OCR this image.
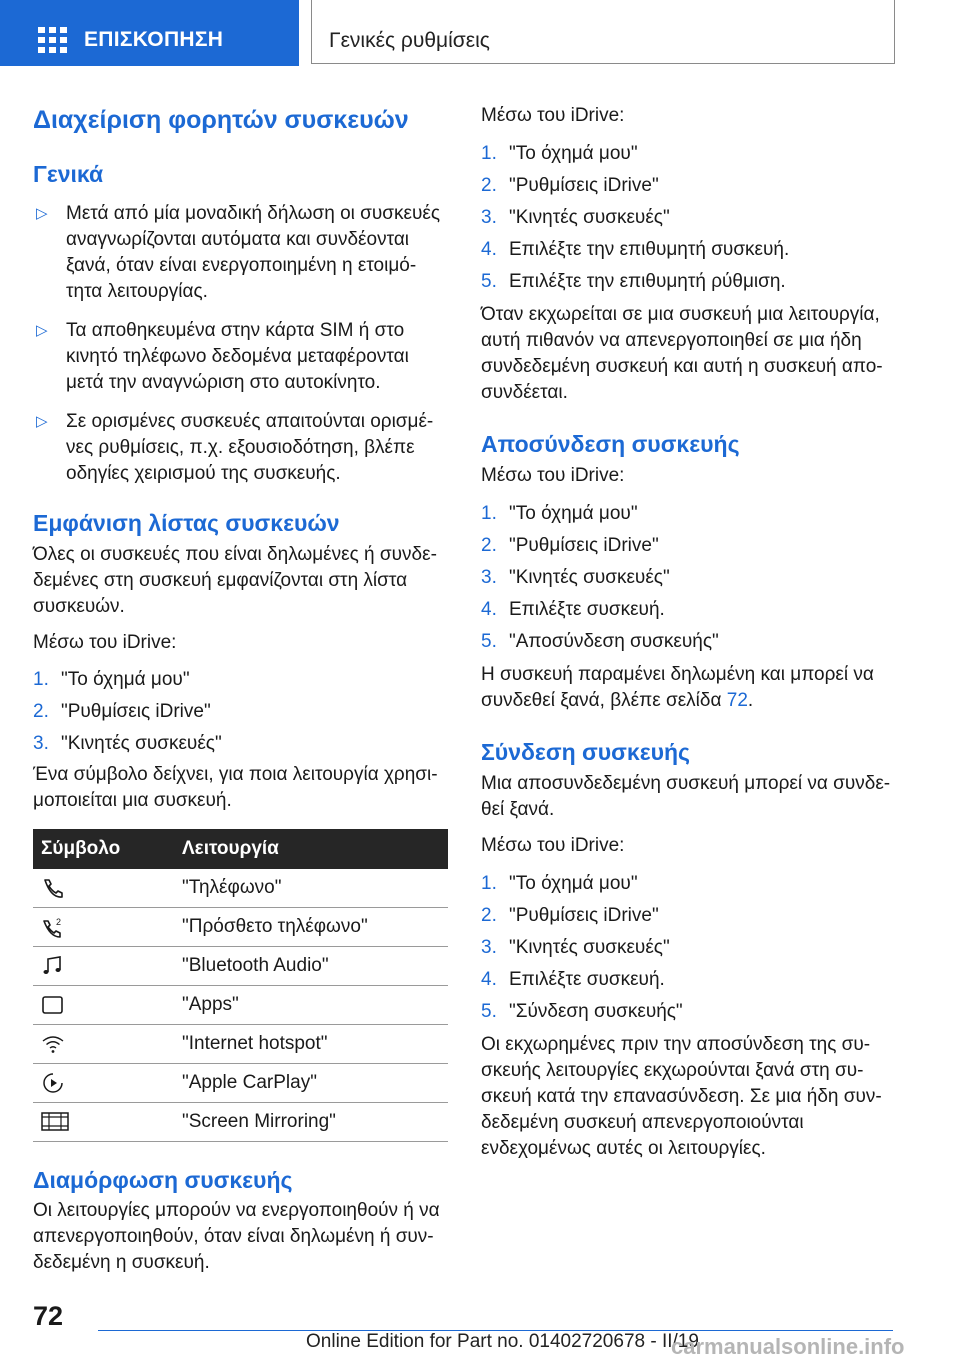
ΕΠΙΣΚΟΠΗΣΗ	Γενικές ρυθμίσεις
Διαχείριση φορητών συσκευών
Γενικά
▷ Μετά από μία μοναδική δήλωση οι συσκευές αναγνωρίζονται αυτόματα και συνδέονται ξανά, όταν είναι ενεργοποιημένη η ετοιμό-τητα λειτουργίας.
▷ Τα αποθηκευμένα στην κάρτα SIM ή στο κινητό τηλέφωνο δεδομένα μεταφέρονται μετά την αναγνώριση στο αυτοκίνητο.
▷ Σε ορισμένες συσκευές απαιτούνται ορισμέ-νες ρυθμίσεις, π.χ. εξουσιοδότηση, βλέπε οδηγίες χειρισμού της συσκευής.
Εμφάνιση λίστας συσκευών

Όλες οι συσκευές που είναι δηλωμένες ή συνδε-δεμένες στη συσκευή εμφανίζονται στη λίστα συσκευών.

Μέσω του iDrive:

1. "Το όχημά μου"
2. "Ρυθμίσεις iDrive"
3. "Κινητές συσκευές"

Ένα σύμβολο δείχνει, για ποια λειτουργία χρησι-μοποιείται μια συσκευή.

Σύμβολο	Λειτουργία

	"Τηλέφωνο"

2	"Πρόσθετο τηλέφωνο"

	"Bluetooth Audio"

	"Apps"

	"Internet hotspot"

	"Apple CarPlay"

	"Screen Mirroring"
Διαμόρφωση συσκευής

Οι λειτουργίες μπορούν να ενεργοποιηθούν ή να απενεργοποιηθούν, όταν είναι δηλωμένη ή συν-δεδεμένη η συσκευή.

Μέσω του iDrive:

1. "Το όχημά μου"
2. "Ρυθμίσεις iDrive"
3. "Κινητές συσκευές"
4. Επιλέξτε την επιθυμητή συσκευή.
5. Επιλέξτε την επιθυμητή ρύθμιση.

Όταν εκχωρείται σε μια συσκευή μια λειτουργία, αυτή πιθανόν να απενεργοποιηθεί σε μια ήδη συνδεδεμένη συσκευή και αυτή η συσκευή απο-συνδέεται.

Αποσύνδεση συσκευής

Μέσω του iDrive:

1. "Το όχημά μου"
2. "Ρυθμίσεις iDrive"
3. "Κινητές συσκευές"
4. Επιλέξτε συσκευή.
5. "Αποσύνδεση συσκευής"

Η συσκευή παραμένει δηλωμένη και μπορεί να συνδεθεί ξανά, βλέπε σελίδα 72.

Σύνδεση συσκευής

Μια αποσυνδεδεμένη συσκευή μπορεί να συνδε-θεί ξανά.

Μέσω του iDrive:

1. "Το όχημά μου"
2. "Ρυθμίσεις iDrive"
3. "Κινητές συσκευές"
4. Επιλέξτε συσκευή.
5. "Σύνδεση συσκευής"

Οι εκχωρημένες πριν την αποσύνδεση της συ-σκευής λειτουργίες εκχωρούνται ξανά στη συ-σκευή κατά την επανασύνδεση. Σε μια ήδη συν-δεδεμένη συσκευή απενεργοποιούνται ενδεχομένως αυτές οι λειτουργίες.

72
Online Edition for Part no. 01402720678 - II/19
carmanualsonline.info
